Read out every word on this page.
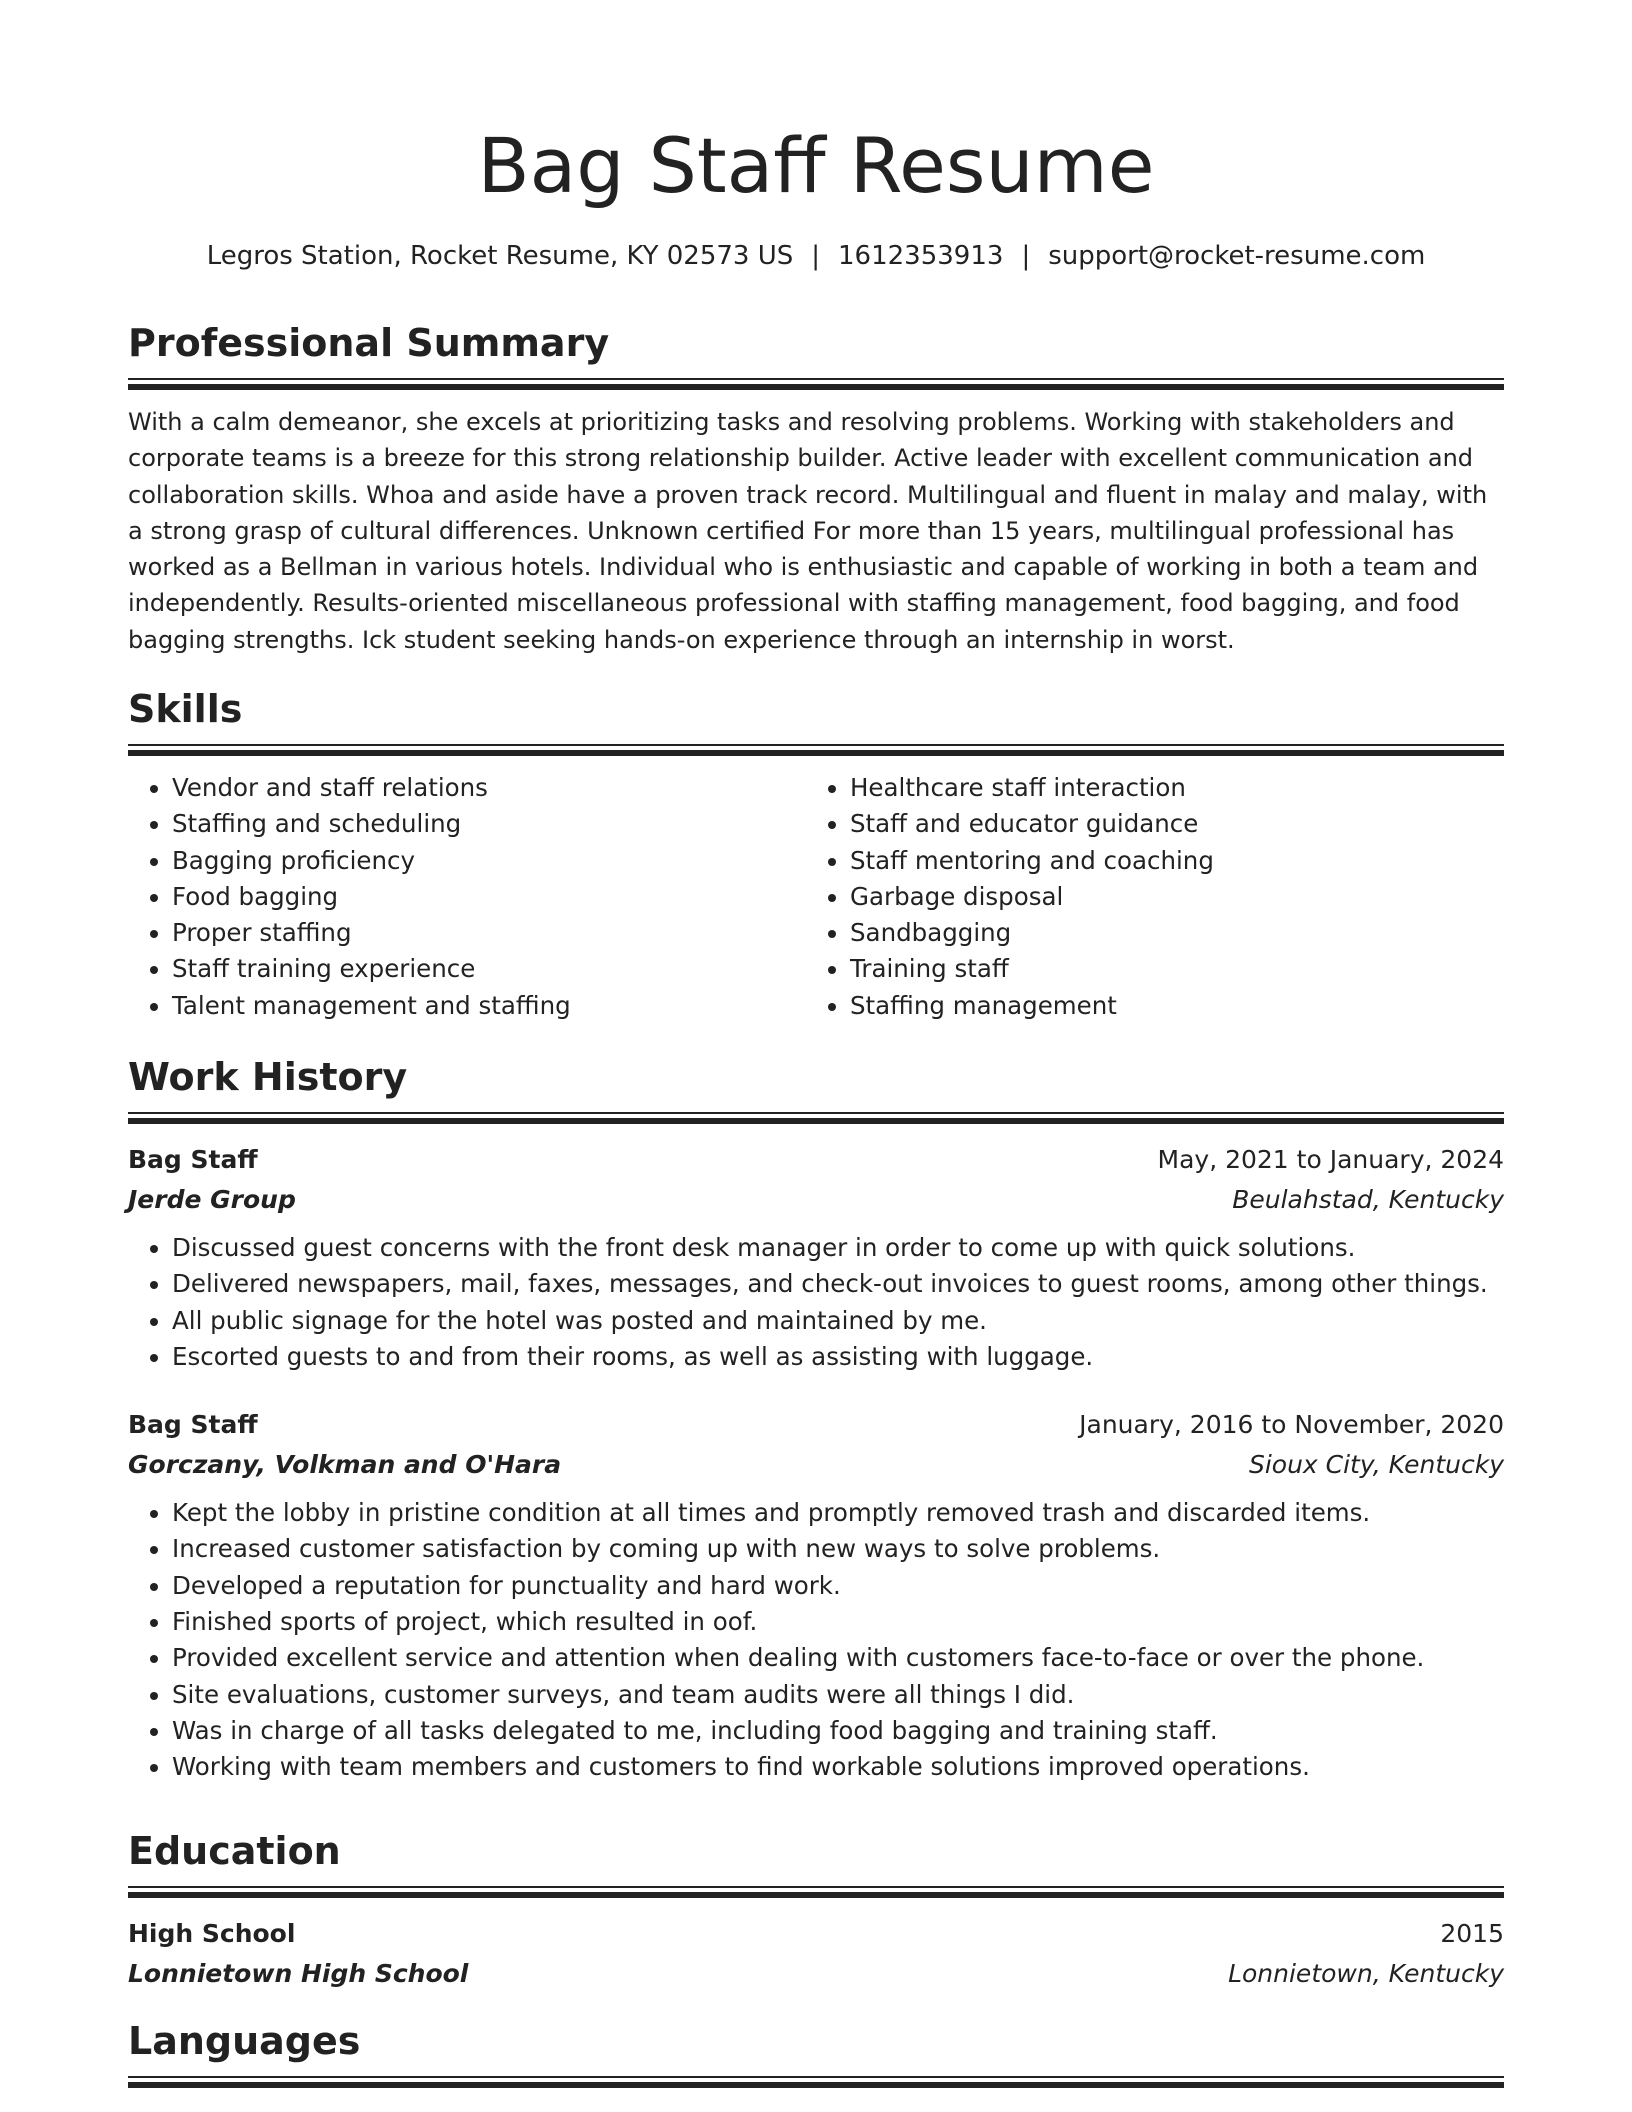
Bag Staff Resume
Legros Station, Rocket Resume, KY 02573 US | 1612353913 | support@rocket-resume.com
Professional Summary
With a calm demeanor, she excels at prioritizing tasks and resolving problems. Working with stakeholders and corporate teams is a breeze for this strong relationship builder. Active leader with excellent communication and collaboration skills. Whoa and aside have a proven track record. Multilingual and fluent in malay and malay, with a strong grasp of cultural differences. Unknown certified For more than 15 years, multilingual professional has worked as a Bellman in various hotels. Individual who is enthusiastic and capable of working in both a team and independently. Results-oriented miscellaneous professional with staffing management, food bagging, and food bagging strengths. Ick student seeking hands-on experience through an internship in worst.
Skills
• Vendor and staff relations
• Staffing and scheduling
• Bagging proficiency
• Food bagging
• Proper staffing
• Staff training experience
• Talent management and staffing
• Healthcare staff interaction
• Staff and educator guidance
• Staff mentoring and coaching
• Garbage disposal
• Sandbagging
• Training staff
• Staffing management
Work History
Bag Staff	May, 2021 to January, 2024
Jerde Group	Beulahstad, Kentucky
• Discussed guest concerns with the front desk manager in order to come up with quick solutions.
• Delivered newspapers, mail, faxes, messages, and check-out invoices to guest rooms, among other things.
• All public signage for the hotel was posted and maintained by me.
• Escorted guests to and from their rooms, as well as assisting with luggage.
Bag Staff	January, 2016 to November, 2020
Gorczany, Volkman and O'Hara	Sioux City, Kentucky
• Kept the lobby in pristine condition at all times and promptly removed trash and discarded items.
• Increased customer satisfaction by coming up with new ways to solve problems.
• Developed a reputation for punctuality and hard work.
• Finished sports of project, which resulted in oof.
• Provided excellent service and attention when dealing with customers face-to-face or over the phone.
• Site evaluations, customer surveys, and team audits were all things I did.
• Was in charge of all tasks delegated to me, including food bagging and training staff.
• Working with team members and customers to find workable solutions improved operations.
Education
High School	2015
Lonnietown High School	Lonnietown, Kentucky
Languages
